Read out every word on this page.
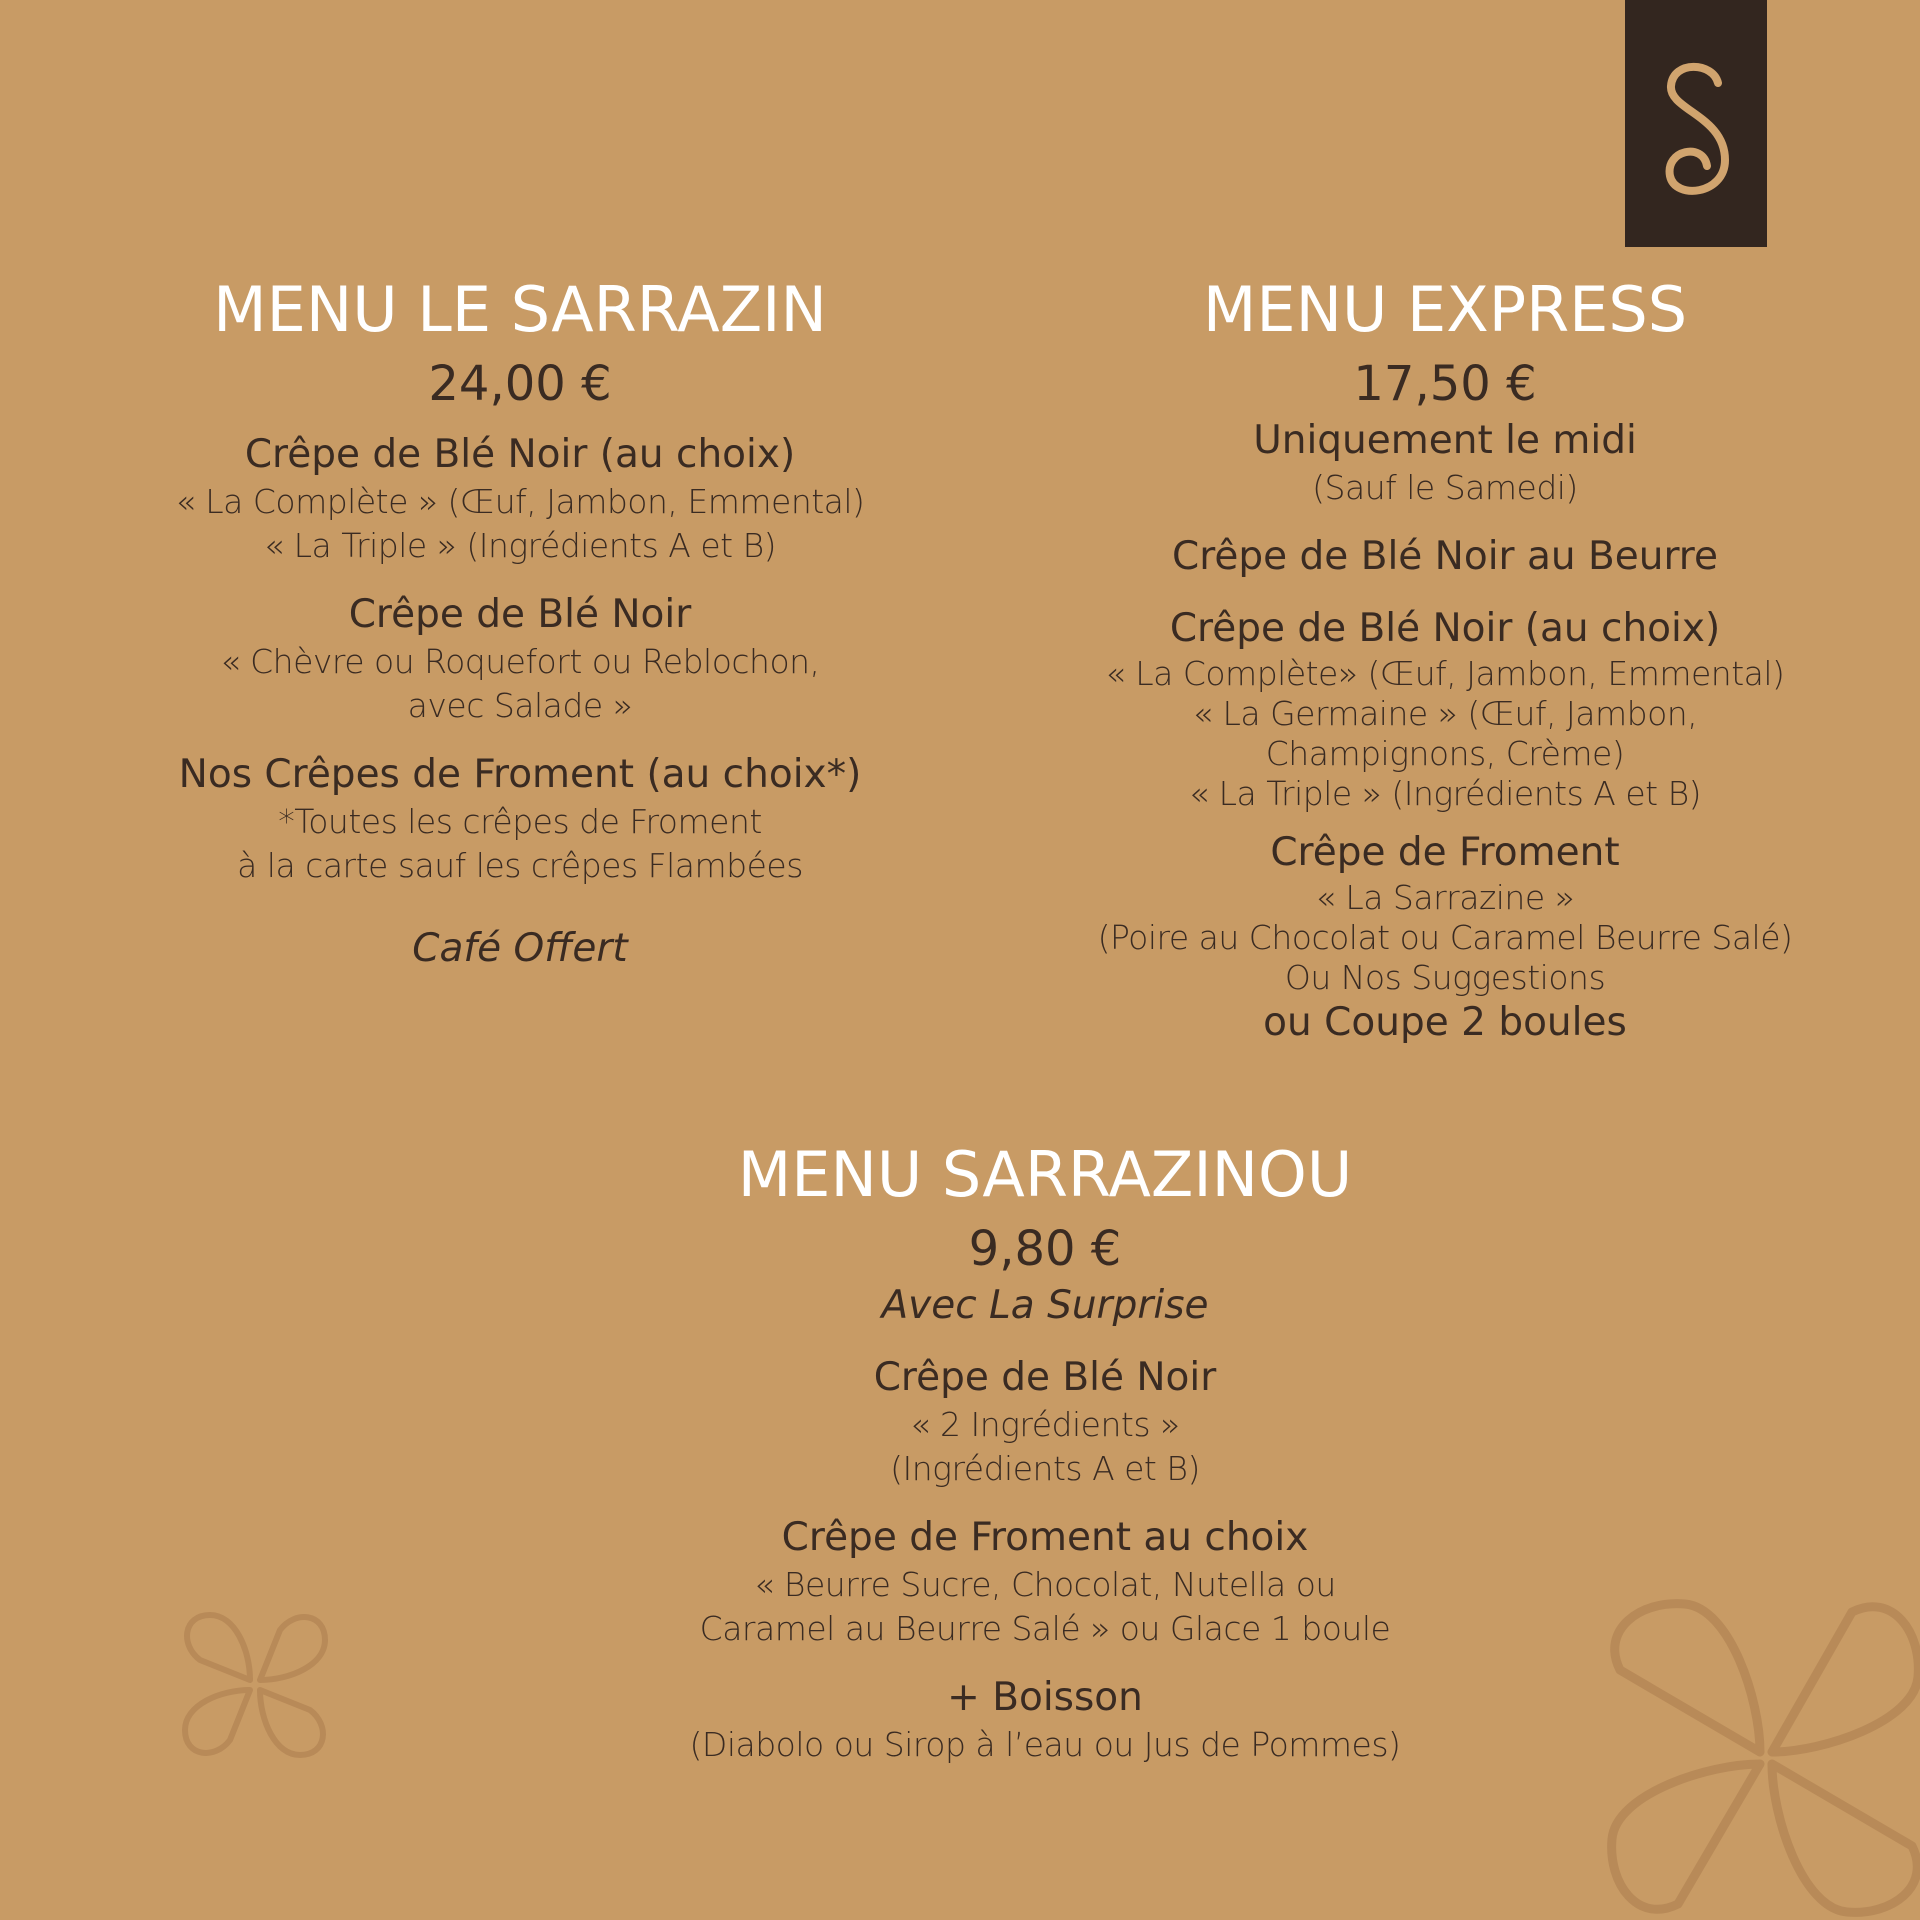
MENU LE SARRAZIN
24,00 €
Crêpe de Blé Noir (au choix)
« La Complète » (Œuf, Jambon, Emmental)
« La Triple » (Ingrédients A et B)
Crêpe de Blé Noir
« Chèvre ou Roquefort ou Reblochon,
avec Salade »
Nos Crêpes de Froment (au choix*)
*Toutes les crêpes de Froment
à la carte sauf les crêpes Flambées
Café Offert
MENU EXPRESS
17,50 €
Uniquement le midi
(Sauf le Samedi)
Crêpe de Blé Noir au Beurre
Crêpe de Blé Noir (au choix)
« La Complète» (Œuf, Jambon, Emmental)
« La Germaine » (Œuf, Jambon,
Champignons, Crème)
« La Triple » (Ingrédients A et B)
Crêpe de Froment
« La Sarrazine »
(Poire au Chocolat ou Caramel Beurre Salé)
Ou Nos Suggestions
ou Coupe 2 boules
MENU SARRAZINOU
9,80 €
Avec La Surprise
Crêpe de Blé Noir
« 2 Ingrédients »
(Ingrédients A et B)
Crêpe de Froment au choix
« Beurre Sucre, Chocolat, Nutella ou
Caramel au Beurre Salé » ou Glace 1 boule
+ Boisson
(Diabolo ou Sirop à l’eau ou Jus de Pommes)
